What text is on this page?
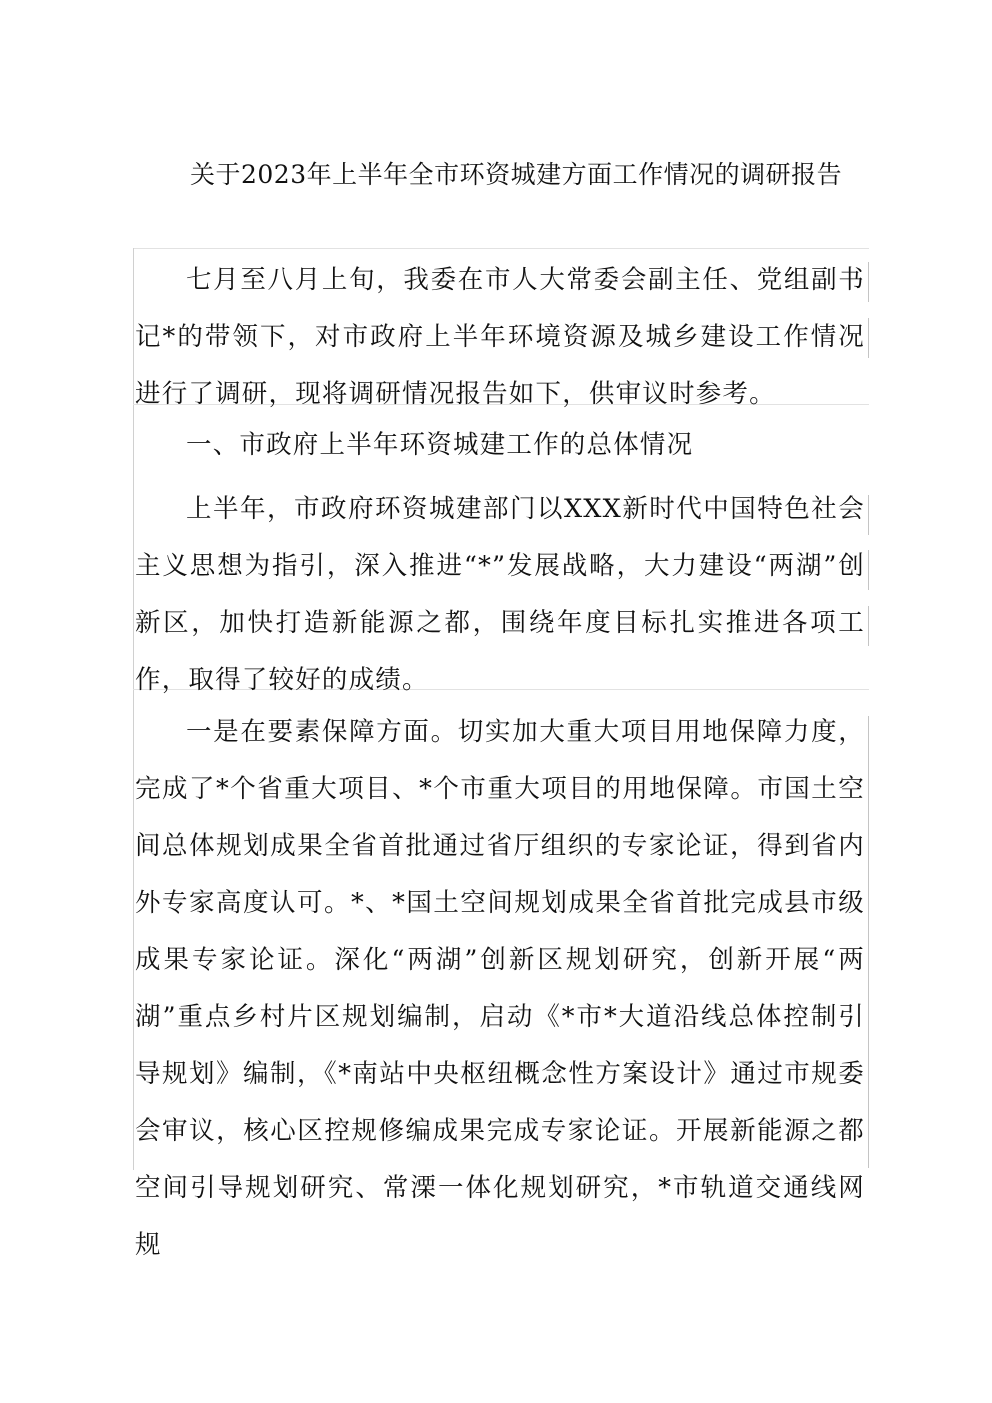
关于2023年上半年全市环资城建方面工作情况的调研报告

七月至八月上旬，我委在市人大常委会副主任、党组副书记*的带领下，对市政府上半年环境资源及城乡建设工作情况进行了调研，现将调研情况报告如下，供审议时参考。

一、市政府上半年环资城建工作的总体情况

上半年，市政府环资城建部门以XXX新时代中国特色社会主义思想为指引，深入推进“*”发展战略，大力建设“两湖”创新区，加快打造新能源之都，围绕年度目标扎实推进各项工作，取得了较好的成绩。

一是在要素保障方面。切实加大重大项目用地保障力度，完成了*个省重大项目、*个市重大项目的用地保障。市国土空间总体规划成果全省首批通过省厅组织的专家论证，得到省内外专家高度认可。*、*国土空间规划成果全省首批完成县市级成果专家论证。深化“两湖”创新区规划研究，创新开展“两湖”重点乡村片区规划编制，启动《*市*大道沿线总体控制引导规划》编制，《*南站中央枢纽概念性方案设计》通过市规委会审议，核心区控规修编成果完成专家论证。开展新能源之都空间引导规划研究、常溧一体化规划研究，*市轨道交通线网规
